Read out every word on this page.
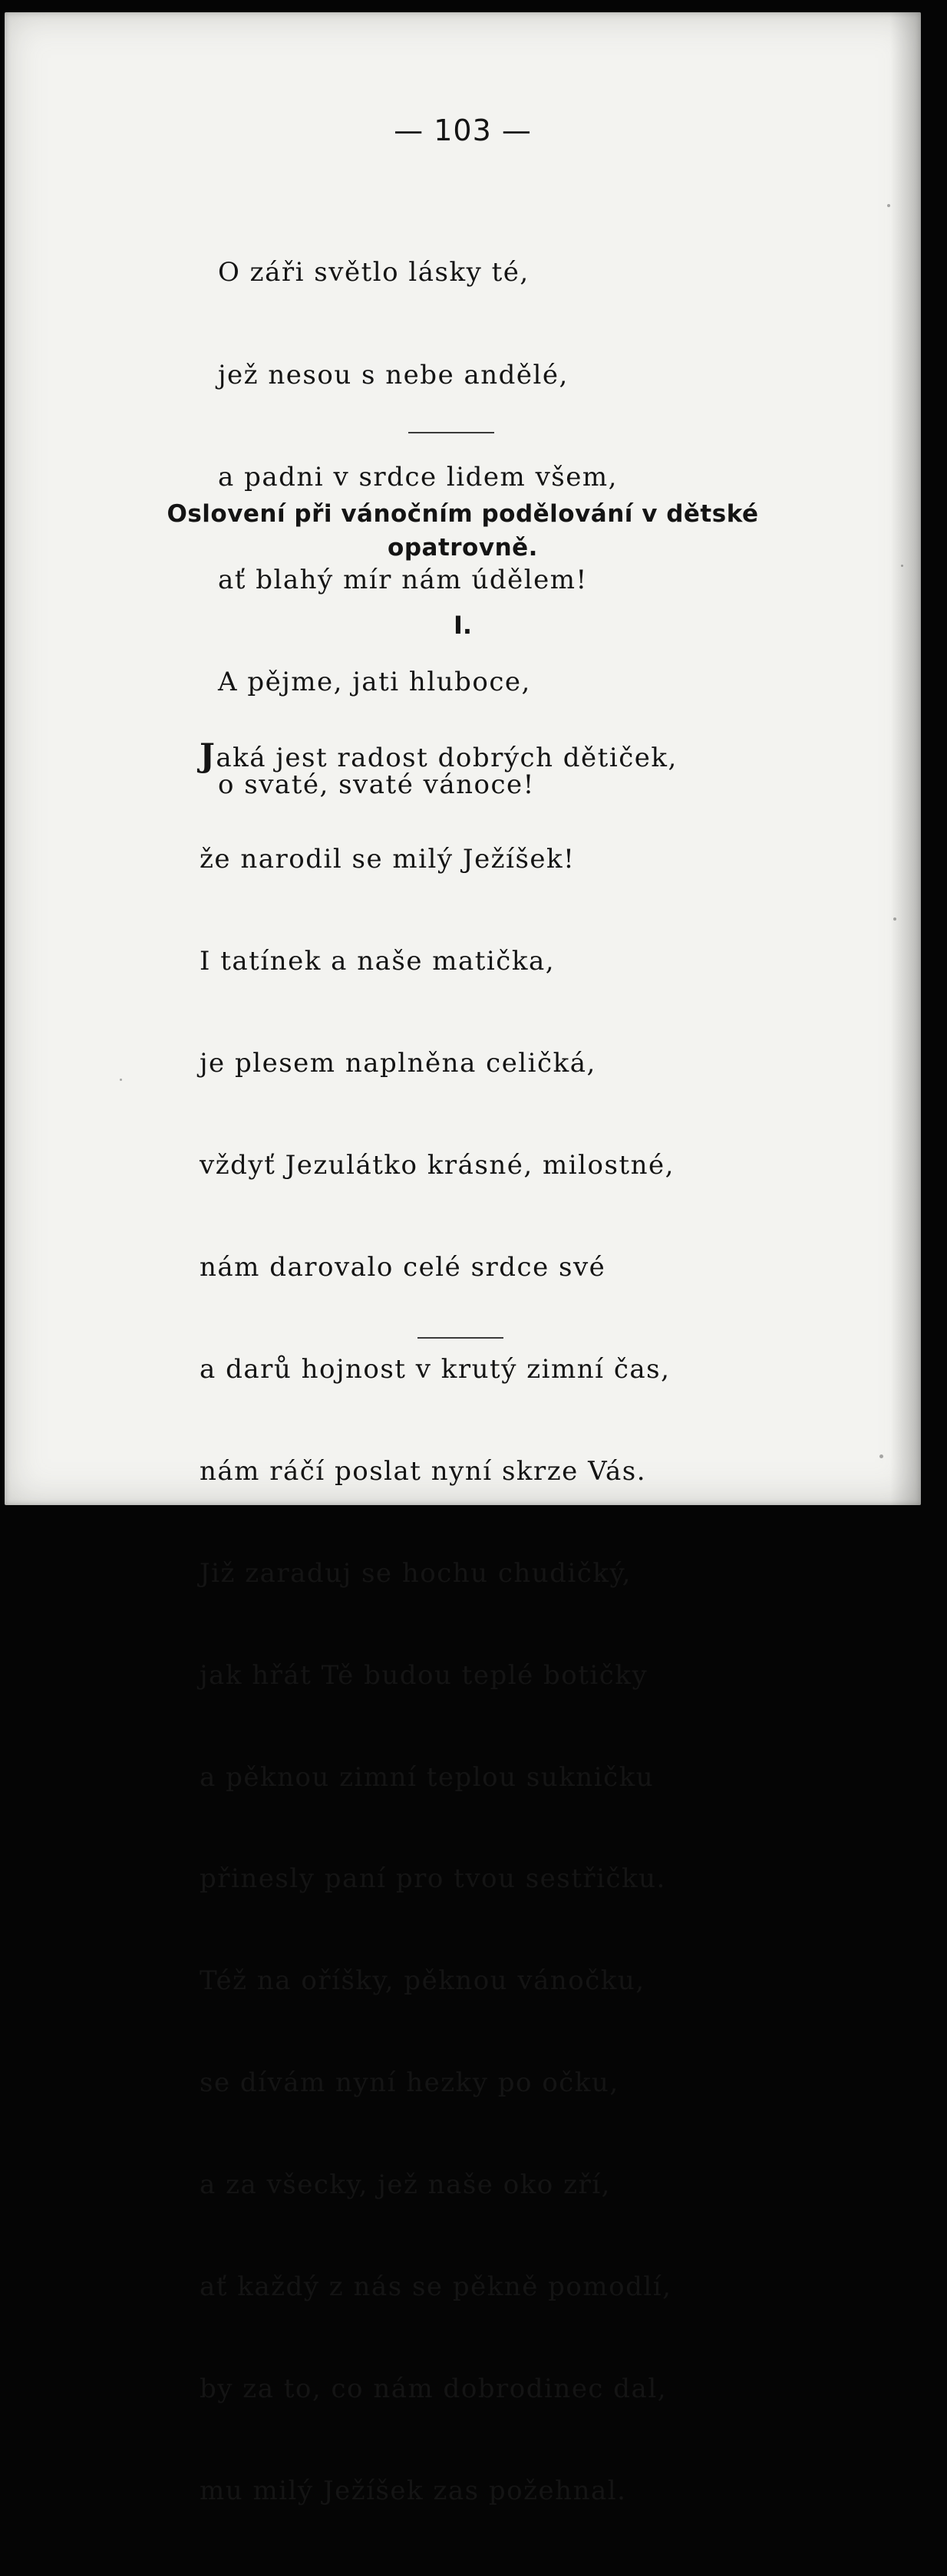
— 103 —

O záři světlo lásky té,

jež nesou s nebe andělé,

a padni v srdce lidem všem,

ať blahý mír nám údělem!

A pějme, jati hluboce,

o svaté, svaté vánoce!

Oslovení při vánočním podělování v dětské
opatrovně.
I.

Jaká jest radost dobrých dětiček,

že narodil se milý Ježíšek!

I tatínek a naše matička,

je plesem naplněna celičká,

vždyť Jezulátko krásné, milostné,

nám darovalo celé srdce své

a darů hojnost v krutý zimní čas,

nám ráčí poslat nyní skrze Vás.

Již zaraduj se hochu chudičký,

jak hřát Tě budou teplé botičky

a pěknou zimní teplou sukničku

přinesly paní pro tvou sestřičku.

Též na oříšky, pěknou vánočku,

se dívám nyní hezky po očku,

a za všecky, jež naše oko zří,

ať každý z nás se pěkně pomodlí,

by za to, co nám dobrodinec dal,

mu milý Ježíšek zas požehnal.
